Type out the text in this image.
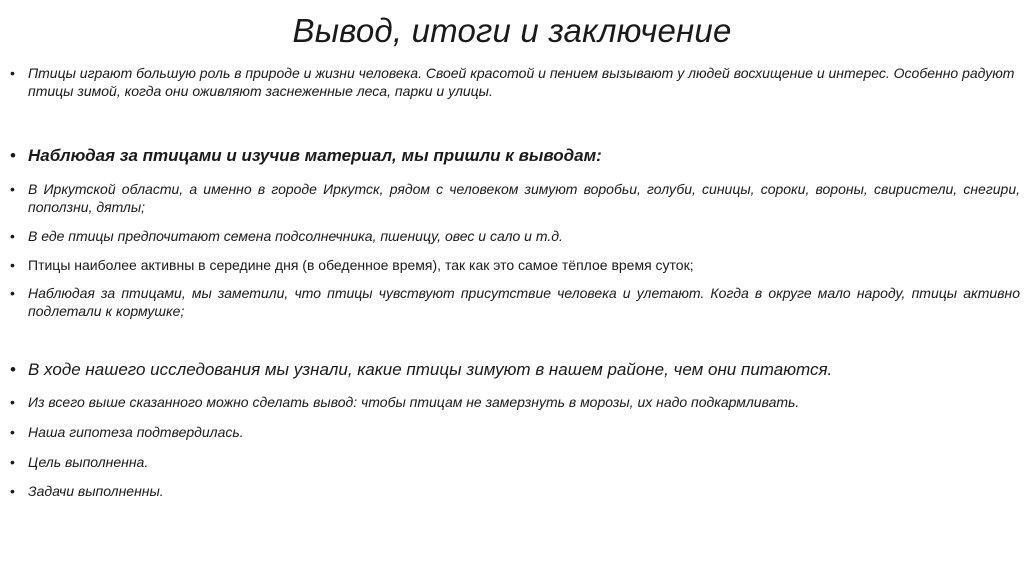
Вывод, итоги и заключение
• Птицы играют большую роль в природе и жизни человека. Своей красотой и пением вызывают у людей восхищение и интерес. Особенно радуют птицы зимой, когда они оживляют заснеженные леса, парки и улицы.
• Наблюдая за птицами и изучив материал, мы пришли к выводам:
• В Иркутской области, а именно в городе Иркутск, рядом с человеком зимуют воробьи, голуби, синицы, сороки, вороны, свиристели, снегири, поползни, дятлы;
• В еде птицы предпочитают семена подсолнечника, пшеницу, овес и сало и т.д.
• Птицы наиболее активны в середине дня (в обеденное время), так как это самое тёплое время суток;
• Наблюдая за птицами, мы заметили, что птицы чувствуют присутствие человека и улетают. Когда в округе мало народу, птицы активно подлетали к кормушке;
• В ходе нашего исследования мы узнали, какие птицы зимуют в нашем районе, чем они питаются.
• Из всего выше сказанного можно сделать вывод: чтобы птицам не замерзнуть в морозы, их надо подкармливать.
• Наша гипотеза подтвердилась.
• Цель выполненна.
• Задачи выполненны.
